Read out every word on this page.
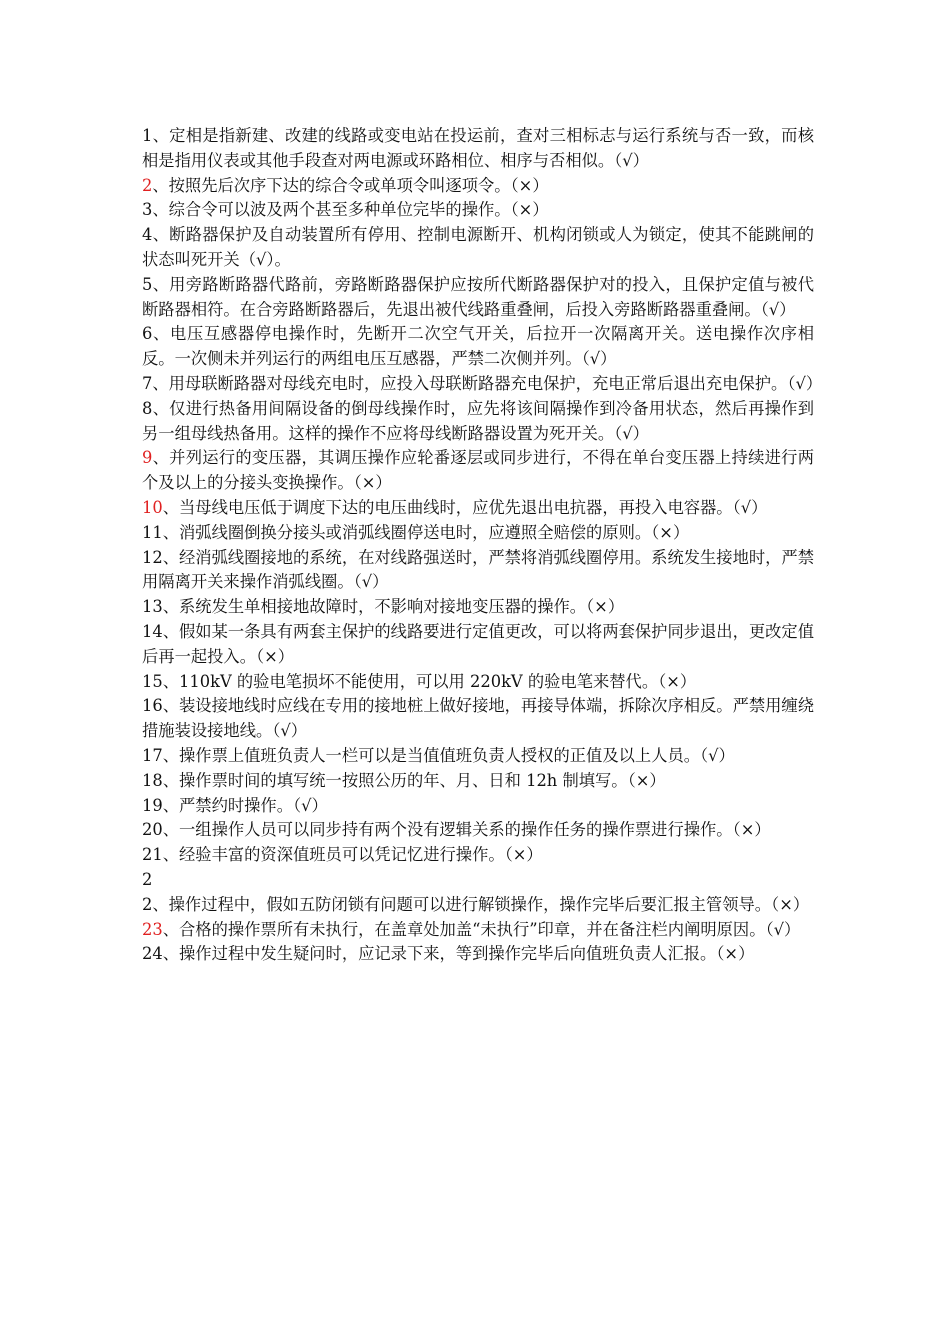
1、定相是指新建、改建的线路或变电站在投运前，查对三相标志与运行系统与否一致，而核相是指用仪表或其他手段查对两电源或环路相位、相序与否相似。（√）

2、按照先后次序下达的综合令或单项令叫逐项令。（×）

3、综合令可以波及两个甚至多种单位完毕的操作。（×）

4、断路器保护及自动装置所有停用、控制电源断开、机构闭锁或人为锁定，使其不能跳闸的状态叫死开关（√）。

5、用旁路断路器代路前，旁路断路器保护应按所代断路器保护对的投入，且保护定值与被代断路器相符。在合旁路断路器后，先退出被代线路重叠闸，后投入旁路断路器重叠闸。（√）

6、电压互感器停电操作时，先断开二次空气开关，后拉开一次隔离开关。送电操作次序相反。一次侧未并列运行的两组电压互感器，严禁二次侧并列。（√）

7、用母联断路器对母线充电时，应投入母联断路器充电保护，充电正常后退出充电保护。（√）

8、仅进行热备用间隔设备的倒母线操作时，应先将该间隔操作到冷备用状态，然后再操作到另一组母线热备用。这样的操作不应将母线断路器设置为死开关。（√）

9、并列运行的变压器，其调压操作应轮番逐层或同步进行，不得在单台变压器上持续进行两个及以上的分接头变换操作。（×）

10、当母线电压低于调度下达的电压曲线时，应优先退出电抗器，再投入电容器。（√）

11、消弧线圈倒换分接头或消弧线圈停送电时，应遵照全赔偿的原则。（×）

12、经消弧线圈接地的系统，在对线路强送时，严禁将消弧线圈停用。系统发生接地时，严禁用隔离开关来操作消弧线圈。（√）

13、系统发生单相接地故障时，不影响对接地变压器的操作。（×）

14、假如某一条具有两套主保护的线路要进行定值更改，可以将两套保护同步退出，更改定值后再一起投入。（×）

15、110kV 的验电笔损坏不能使用，可以用 220kV 的验电笔来替代。（×）

16、装设接地线时应线在专用的接地桩上做好接地，再接导体端，拆除次序相反。严禁用缠绕措施装设接地线。（√）

17、操作票上值班负责人一栏可以是当值值班负责人授权的正值及以上人员。（√）

18、操作票时间的填写统一按照公历的年、月、日和 12h 制填写。（×）

19、严禁约时操作。（√）

20、一组操作人员可以同步持有两个没有逻辑关系的操作任务的操作票进行操作。（×）

21、经验丰富的资深值班员可以凭记忆进行操作。（×）

22、操作过程中，假如五防闭锁有问题可以进行解锁操作，操作完毕后要汇报主管领导。（×）

23、合格的操作票所有未执行，在盖章处加盖“未执行”印章，并在备注栏内阐明原因。（√）

24、操作过程中发生疑问时，应记录下来，等到操作完毕后向值班负责人汇报。（×）
